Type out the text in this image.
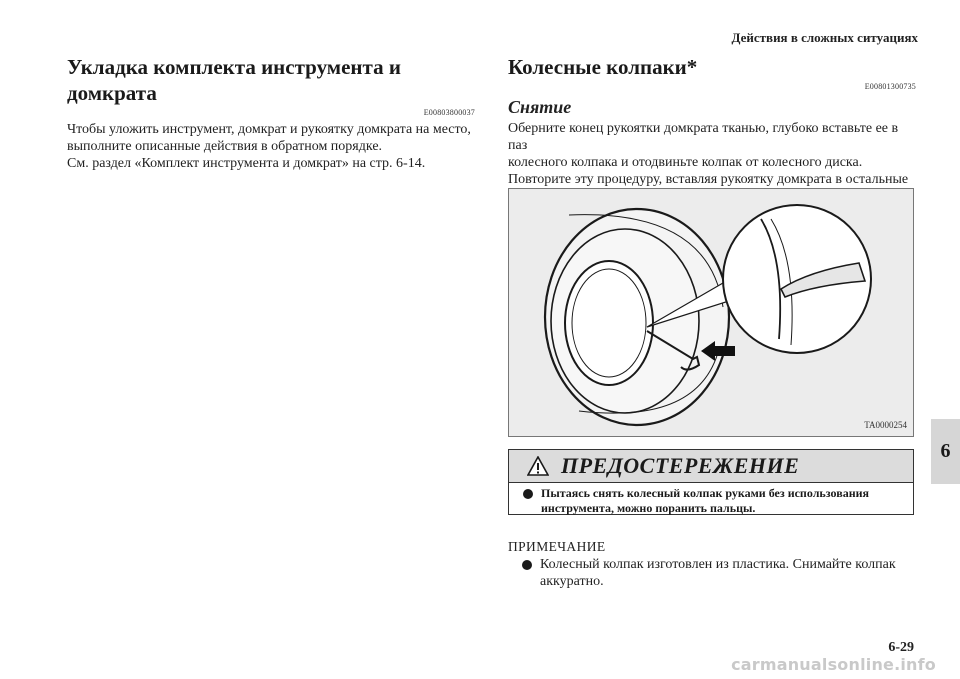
Действия в сложных ситуациях
Укладка комплекта инструмента и домкрата
E00803800037

Чтобы уложить инструмент, домкрат и рукоятку домкрата на место,
выполните описанные действия в обратном порядке.
См. раздел «Комплект инструмента и домкрат» на стр. 6-14.

Колесные колпаки*
E00801300735
Снятие

Оберните конец рукоятки домкрата тканью, глубоко вставьте ее в паз
колесного колпака и отодвиньте колпак от колесного диска.
Повторите эту процедуру, вставляя рукоятку домкрата в остальные

TA0000254
ПРЕДОСТЕРЕЖЕНИЕ
Пытаясь снять колесный колпак руками без использования
инструмента, можно поранить пальцы.
ПРИМЕЧАНИЕ
Колесный колпак изготовлен из пластика. Снимайте колпак
аккуратно.
6
6-29
carmanualsonline.info
